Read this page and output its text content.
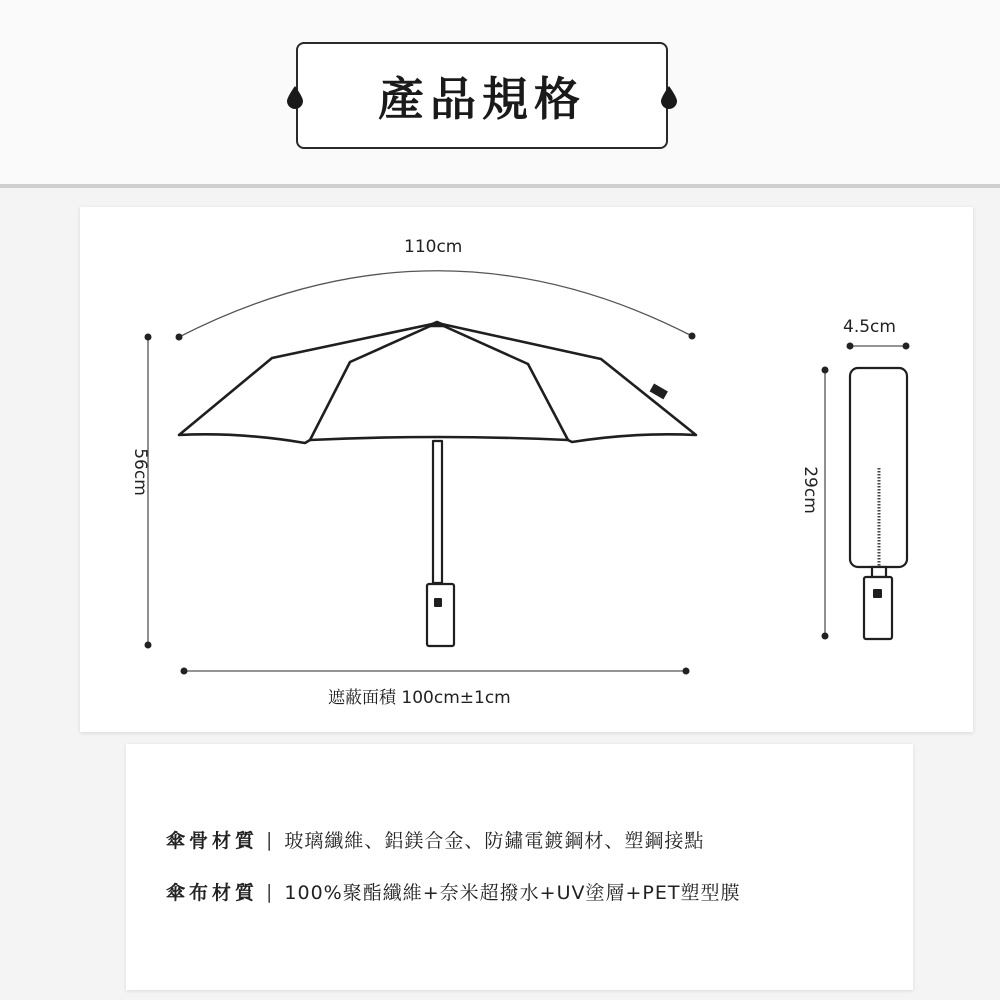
產品規格
110cm
56cm
4.5cm
29cm
遮蔽面積 100cm±1cm
傘骨材質 | 玻璃纖維、鋁鎂合金、防鏽電鍍鋼材、塑鋼接點
傘布材質 | 100%聚酯纖維+奈米超撥水+UV塗層+PET塑型膜
